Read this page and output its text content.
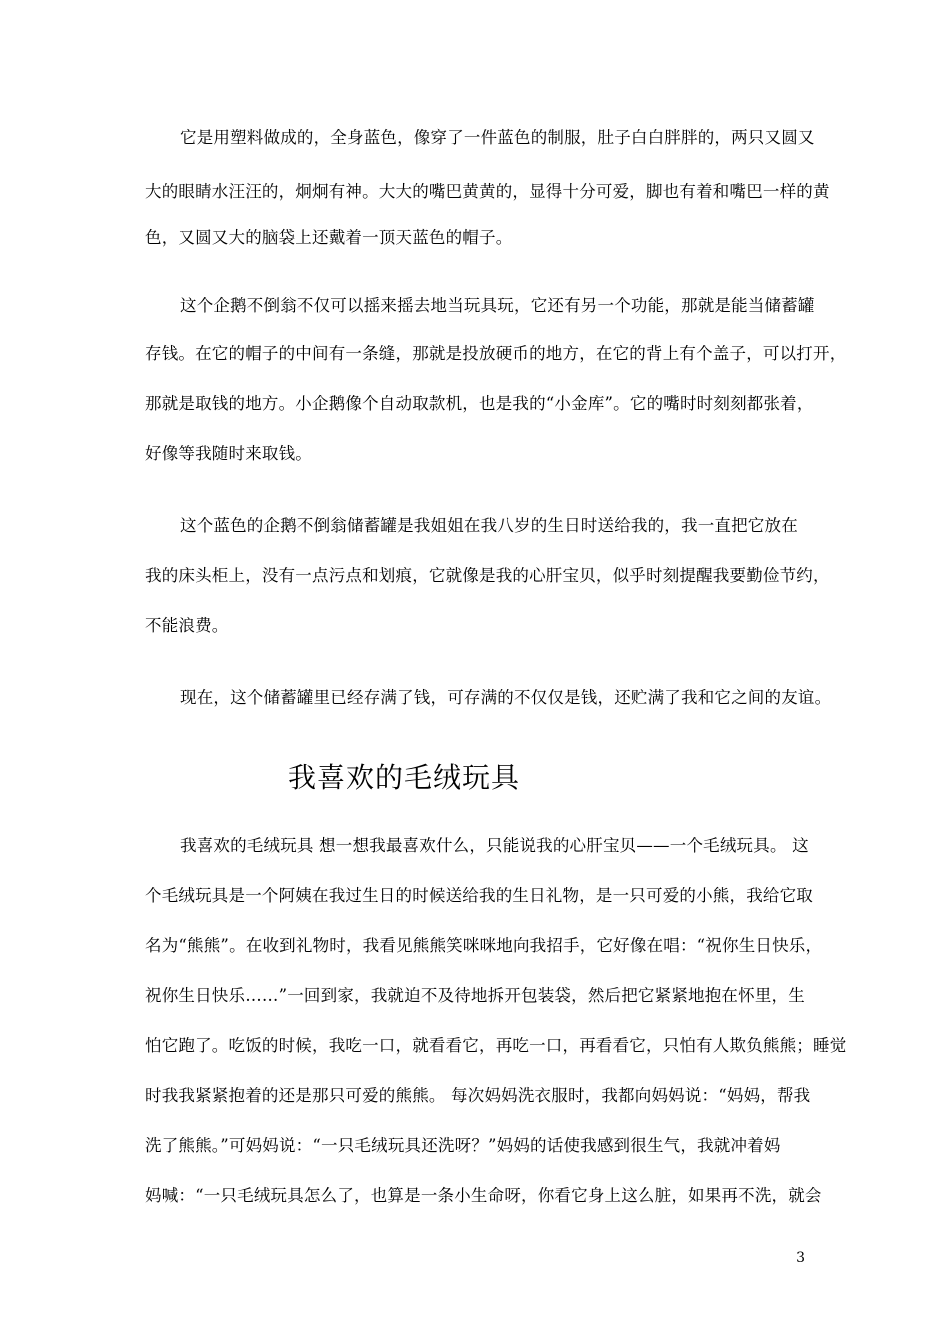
它是用塑料做成的，全身蓝色，像穿了一件蓝色的制服，肚子白白胖胖的，两只又圆又
大的眼睛水汪汪的，炯炯有神。大大的嘴巴黄黄的，显得十分可爱，脚也有着和嘴巴一样的黄
色，又圆又大的脑袋上还戴着一顶天蓝色的帽子。
这个企鹅不倒翁不仅可以摇来摇去地当玩具玩，它还有另一个功能，那就是能当储蓄罐
存钱。在它的帽子的中间有一条缝，那就是投放硬币的地方，在它的背上有个盖子，可以打开，
那就是取钱的地方。小企鹅像个自动取款机，也是我的“小金库”。它的嘴时时刻刻都张着，
好像等我随时来取钱。
这个蓝色的企鹅不倒翁储蓄罐是我姐姐在我八岁的生日时送给我的，我一直把它放在
我的床头柜上，没有一点污点和划痕，它就像是我的心肝宝贝，似乎时刻提醒我要勤俭节约，
不能浪费。
现在，这个储蓄罐里已经存满了钱，可存满的不仅仅是钱，还贮满了我和它之间的友谊。
我喜欢的毛绒玩具
我喜欢的毛绒玩具 想一想我最喜欢什么，只能说我的心肝宝贝——一个毛绒玩具。 这
个毛绒玩具是一个阿姨在我过生日的时候送给我的生日礼物，是一只可爱的小熊，我给它取
名为“熊熊”。在收到礼物时，我看见熊熊笑咪咪地向我招手，它好像在唱：“祝你生日快乐，
祝你生日快乐……”一回到家，我就迫不及待地拆开包装袋，然后把它紧紧地抱在怀里，生
怕它跑了。吃饭的时候，我吃一口，就看看它，再吃一口，再看看它，只怕有人欺负熊熊；睡觉
时我我紧紧抱着的还是那只可爱的熊熊。 每次妈妈洗衣服时，我都向妈妈说：“妈妈，帮我
洗了熊熊。”可妈妈说：“一只毛绒玩具还洗呀？”妈妈的话使我感到很生气，我就冲着妈
妈喊：“一只毛绒玩具怎么了，也算是一条小生命呀，你看它身上这么脏，如果再不洗，就会
3
